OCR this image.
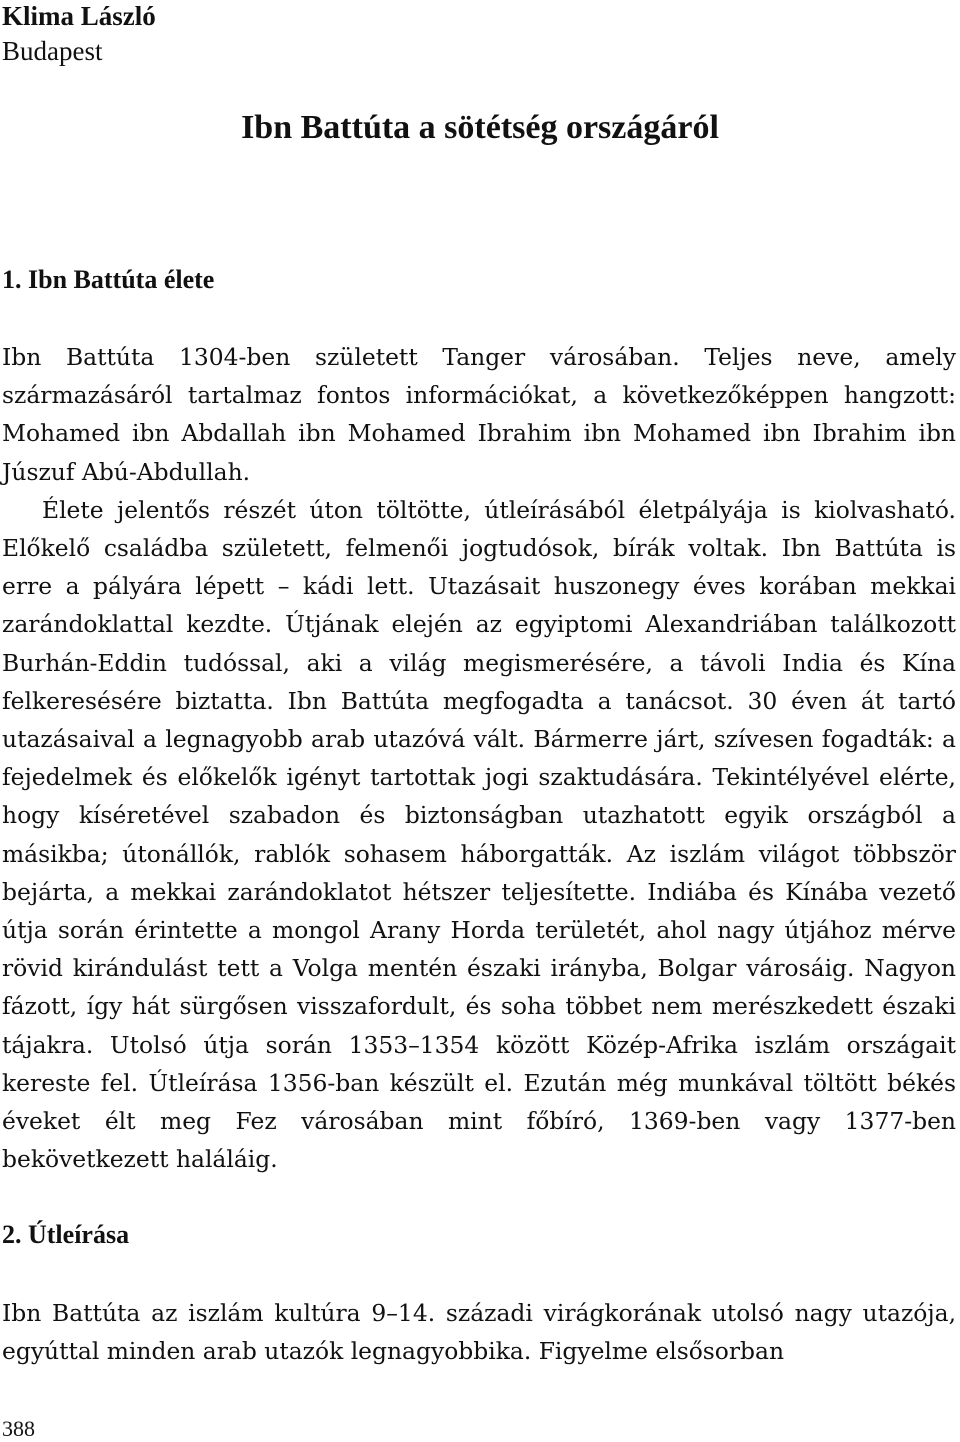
Klima László
Budapest
Ibn Battúta a sötétség országáról
1. Ibn Battúta élete
Ibn Battúta 1304-ben született Tanger városában. Teljes neve, amely származásáról tartalmaz fontos információkat, a következőképpen hangzott: Mohamed ibn Abdallah ibn Mohamed Ibrahim ibn Mohamed ibn Ibrahim ibn Júszuf Abú-Abdullah.
Élete jelentős részét úton töltötte, útleírásából életpályája is kiolvasható. Előkelő családba született, felmenői jogtudósok, bírák voltak. Ibn Battúta is erre a pályára lépett – kádi lett. Utazásait huszonegy éves korában mekkai zarándoklattal kezdte. Útjának elején az egyiptomi Alexandriában találkozott Burhán-Eddin tudóssal, aki a világ megismerésére, a távoli India és Kína felkeresésére biztatta. Ibn Battúta megfogadta a tanácsot. 30 éven át tartó utazásaival a legnagyobb arab utazóvá vált. Bármerre járt, szívesen fogadták: a fejedelmek és előkelők igényt tartottak jogi szaktudására. Tekintélyével elérte, hogy kíséretével szabadon és biztonságban utazhatott egyik országból a másikba; útonállók, rablók sohasem háborgatták. Az iszlám világot többször bejárta, a mekkai zarándoklatot hétszer teljesítette. Indiába és Kínába vezető útja során érintette a mongol Arany Horda területét, ahol nagy útjához mérve rövid kirándulást tett a Volga mentén északi irányba, Bolgar városáig. Nagyon fázott, így hát sürgősen visszafordult, és soha többet nem merészkedett északi tájakra. Utolsó útja során 1353–1354 között Közép-Afrika iszlám országait kereste fel. Útleírása 1356-ban készült el. Ezután még munkával töltött békés éveket élt meg Fez városában mint főbíró, 1369-ben vagy 1377-ben bekövetkezett haláláig.
2. Útleírása
Ibn Battúta az iszlám kultúra 9–14. századi virágkorának utolsó nagy utazója, egyúttal minden arab utazók legnagyobbika. Figyelme elsősorban
388
